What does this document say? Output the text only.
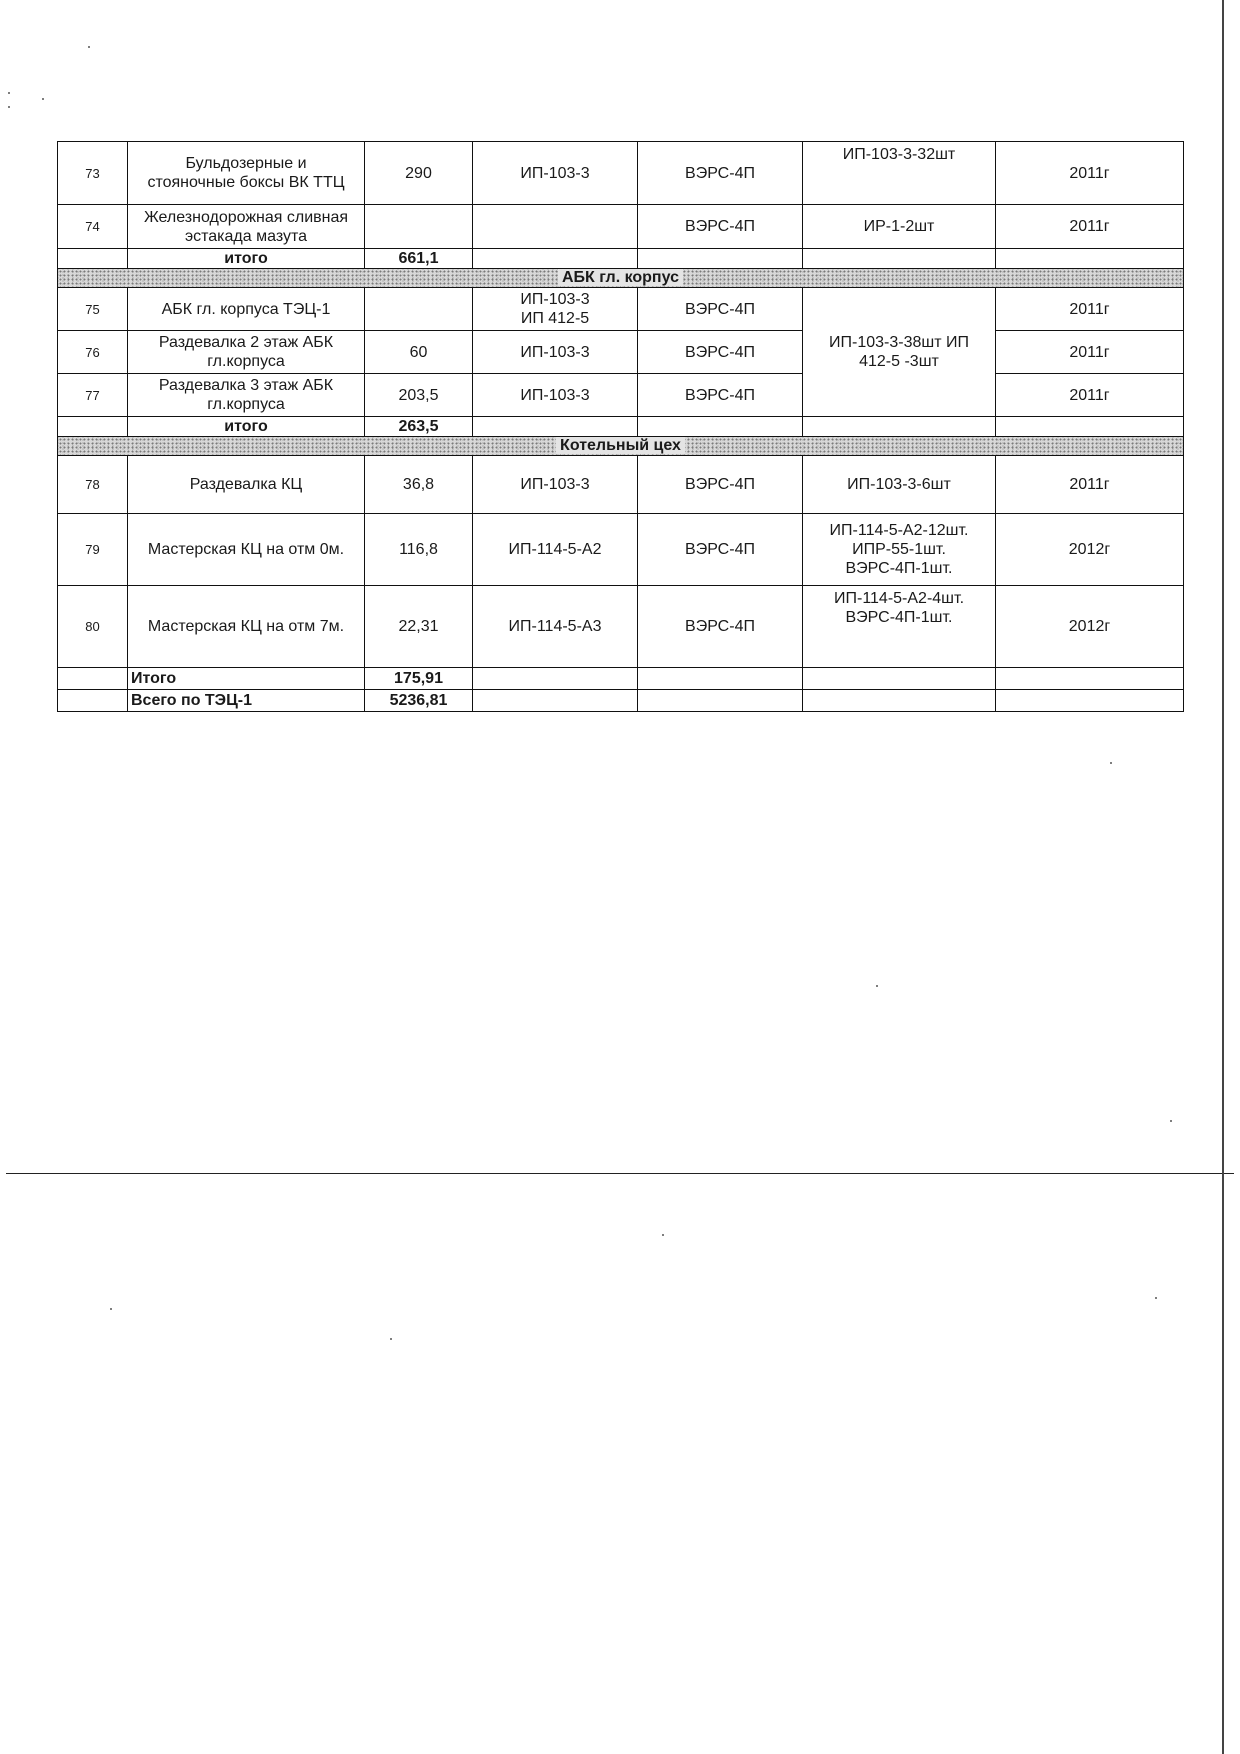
73	Бульдозерные и
стояночные боксы ВК ТТЦ	290	ИП-103-3	ВЭРС-4П	ИП-103-3-32шт	2011г
74	Железнодорожная сливная
эстакада мазута			ВЭРС-4П	ИР-1-2шт	2011г
	итого	661,1				
АБК гл. корпус						
75	АБК гл. корпуса ТЭЦ-1		ИП-103-3
ИП 412-5	ВЭРС-4П	ИП-103-3-38шт ИП
412-5 -3шт	2011г
76	Раздевалка 2 этаж АБК
гл.корпуса	60	ИП-103-3	ВЭРС-4П		2011г
77	Раздевалка 3 этаж АБК
гл.корпуса	203,5	ИП-103-3	ВЭРС-4П		2011г
	итого	263,5				
Котельный цех						
78	Раздевалка КЦ	36,8	ИП-103-3	ВЭРС-4П	ИП-103-3-6шт	2011г
79	Мастерская КЦ на отм 0м.	116,8	ИП-114-5-А2	ВЭРС-4П	ИП-114-5-А2-12шт.
ИПР-55-1шт.
ВЭРС-4П-1шт.	2012г
80	Мастерская КЦ на отм 7м.	22,31	ИП-114-5-А3	ВЭРС-4П	ИП-114-5-А2-4шт.
ВЭРС-4П-1шт.	2012г
	Итого	175,91				
	Всего по ТЭЦ-1	5236,81				
